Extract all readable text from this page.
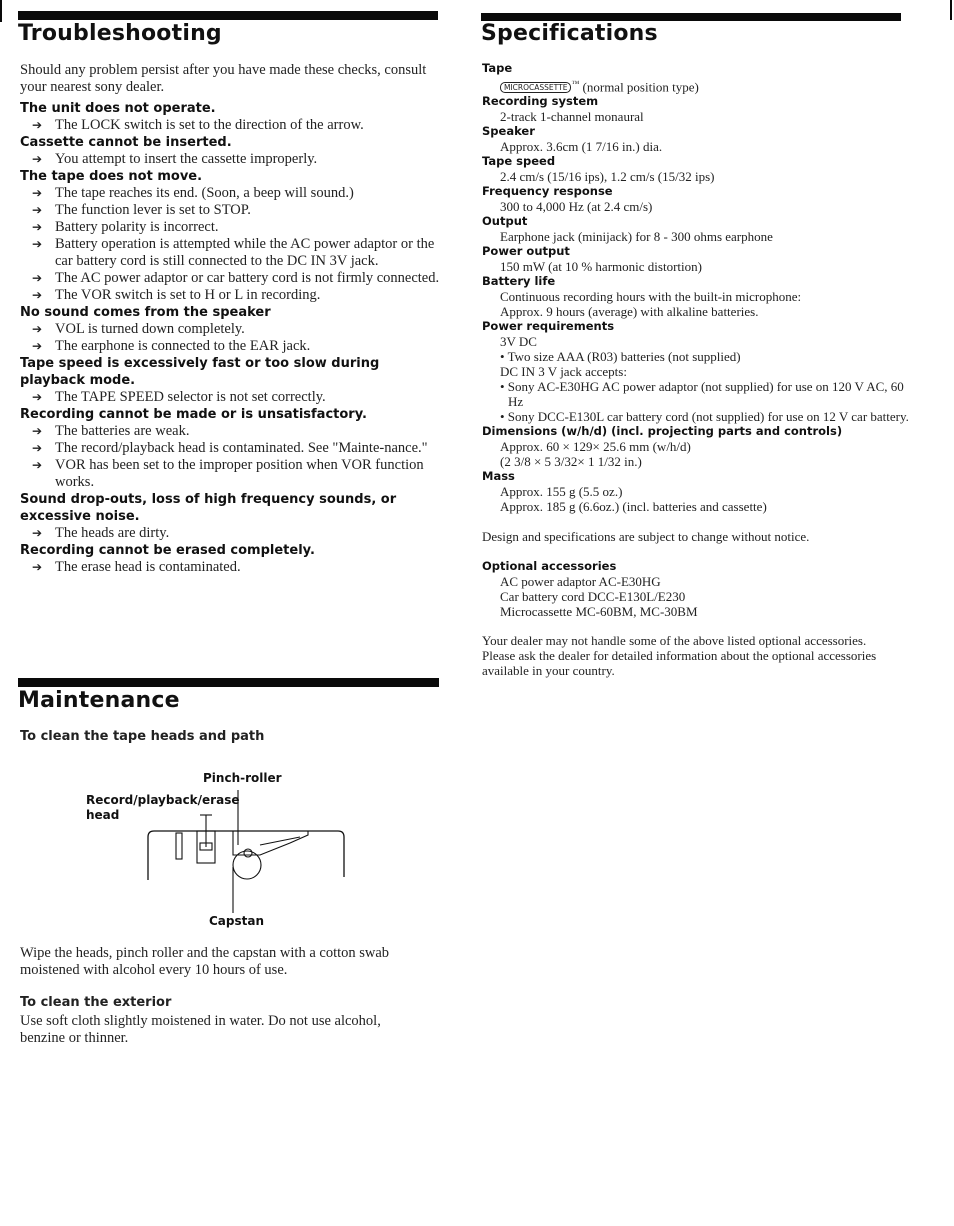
Troubleshooting

Should any problem persist after you have made these checks, consult your nearest sony dealer.

The unit does not operate.

➔ The LOCK switch is set to the direction of the arrow.

Cassette cannot be inserted.

➔ You attempt to insert the cassette improperly.

The tape does not move.

➔ The tape reaches its end. (Soon, a beep will sound.)

➔ The function lever is set to STOP.

➔ Battery polarity is incorrect.

➔ Battery operation is attempted while the AC power adaptor or the car battery cord is still connected to the DC IN 3V jack.

➔ The AC power adaptor or car battery cord is not firmly connected.

➔ The VOR switch is set to H or L in recording.

No sound comes from the speaker

➔ VOL is turned down completely.

➔ The earphone is connected to the EAR jack.

Tape speed is excessively fast or too slow during playback mode.

➔ The TAPE SPEED selector is not set correctly.

Recording cannot be made or is unsatisfactory.

➔ The batteries are weak.

➔ The record/playback head is contaminated. See "Mainte-nance."

➔ VOR has been set to the improper position when VOR function works.

Sound drop-outs, loss of high frequency sounds, or excessive noise.

➔ The heads are dirty.

Recording cannot be erased completely.

➔ The erase head is contaminated.

Maintenance
To clean the tape heads and path
Pinch-roller
Record/playback/erase
head
Capstan

Wipe the heads, pinch roller and the capstan with a cotton swab moistened with alcohol every 10 hours of use.

To clean the exterior

Use soft cloth slightly moistened in water. Do not use alcohol, benzine or thinner.

Specifications

Tape

MICROCASSETTE ™ (normal position type)

Recording system

2-track 1-channel monaural

Speaker

Approx. 3.6cm (1 7/16 in.) dia.

Tape speed

2.4 cm/s (15/16 ips), 1.2 cm/s (15/32 ips)

Frequency response

300 to 4,000 Hz (at 2.4 cm/s)

Output

Earphone jack (minijack) for 8 - 300 ohms earphone

Power output

150 mW (at 10 % harmonic distortion)

Battery life

Continuous recording hours with the built-in microphone:

Approx. 9 hours (average) with alkaline batteries.

Power requirements

3V DC

• Two size AAA (R03) batteries (not supplied)

DC IN 3 V jack accepts:

• Sony AC-E30HG AC power adaptor (not supplied) for use on 120 V AC, 60 Hz

• Sony DCC-E130L car battery cord (not supplied) for use on 12 V car battery.

Dimensions (w/h/d) (incl. projecting parts and controls)

Approx. 60 × 129× 25.6 mm (w/h/d)

(2 3/8 × 5 3/32× 1 1/32 in.)

Mass

Approx. 155 g (5.5 oz.)

Approx. 185 g (6.6oz.) (incl. batteries and cassette)

Design and specifications are subject to change without notice.

Optional accessories

AC power adaptor AC-E30HG

Car battery cord DCC-E130L/E230

Microcassette MC-60BM, MC-30BM

Your dealer may not handle some of the above listed optional accessories. Please ask the dealer for detailed information about the optional accessories available in your country.
